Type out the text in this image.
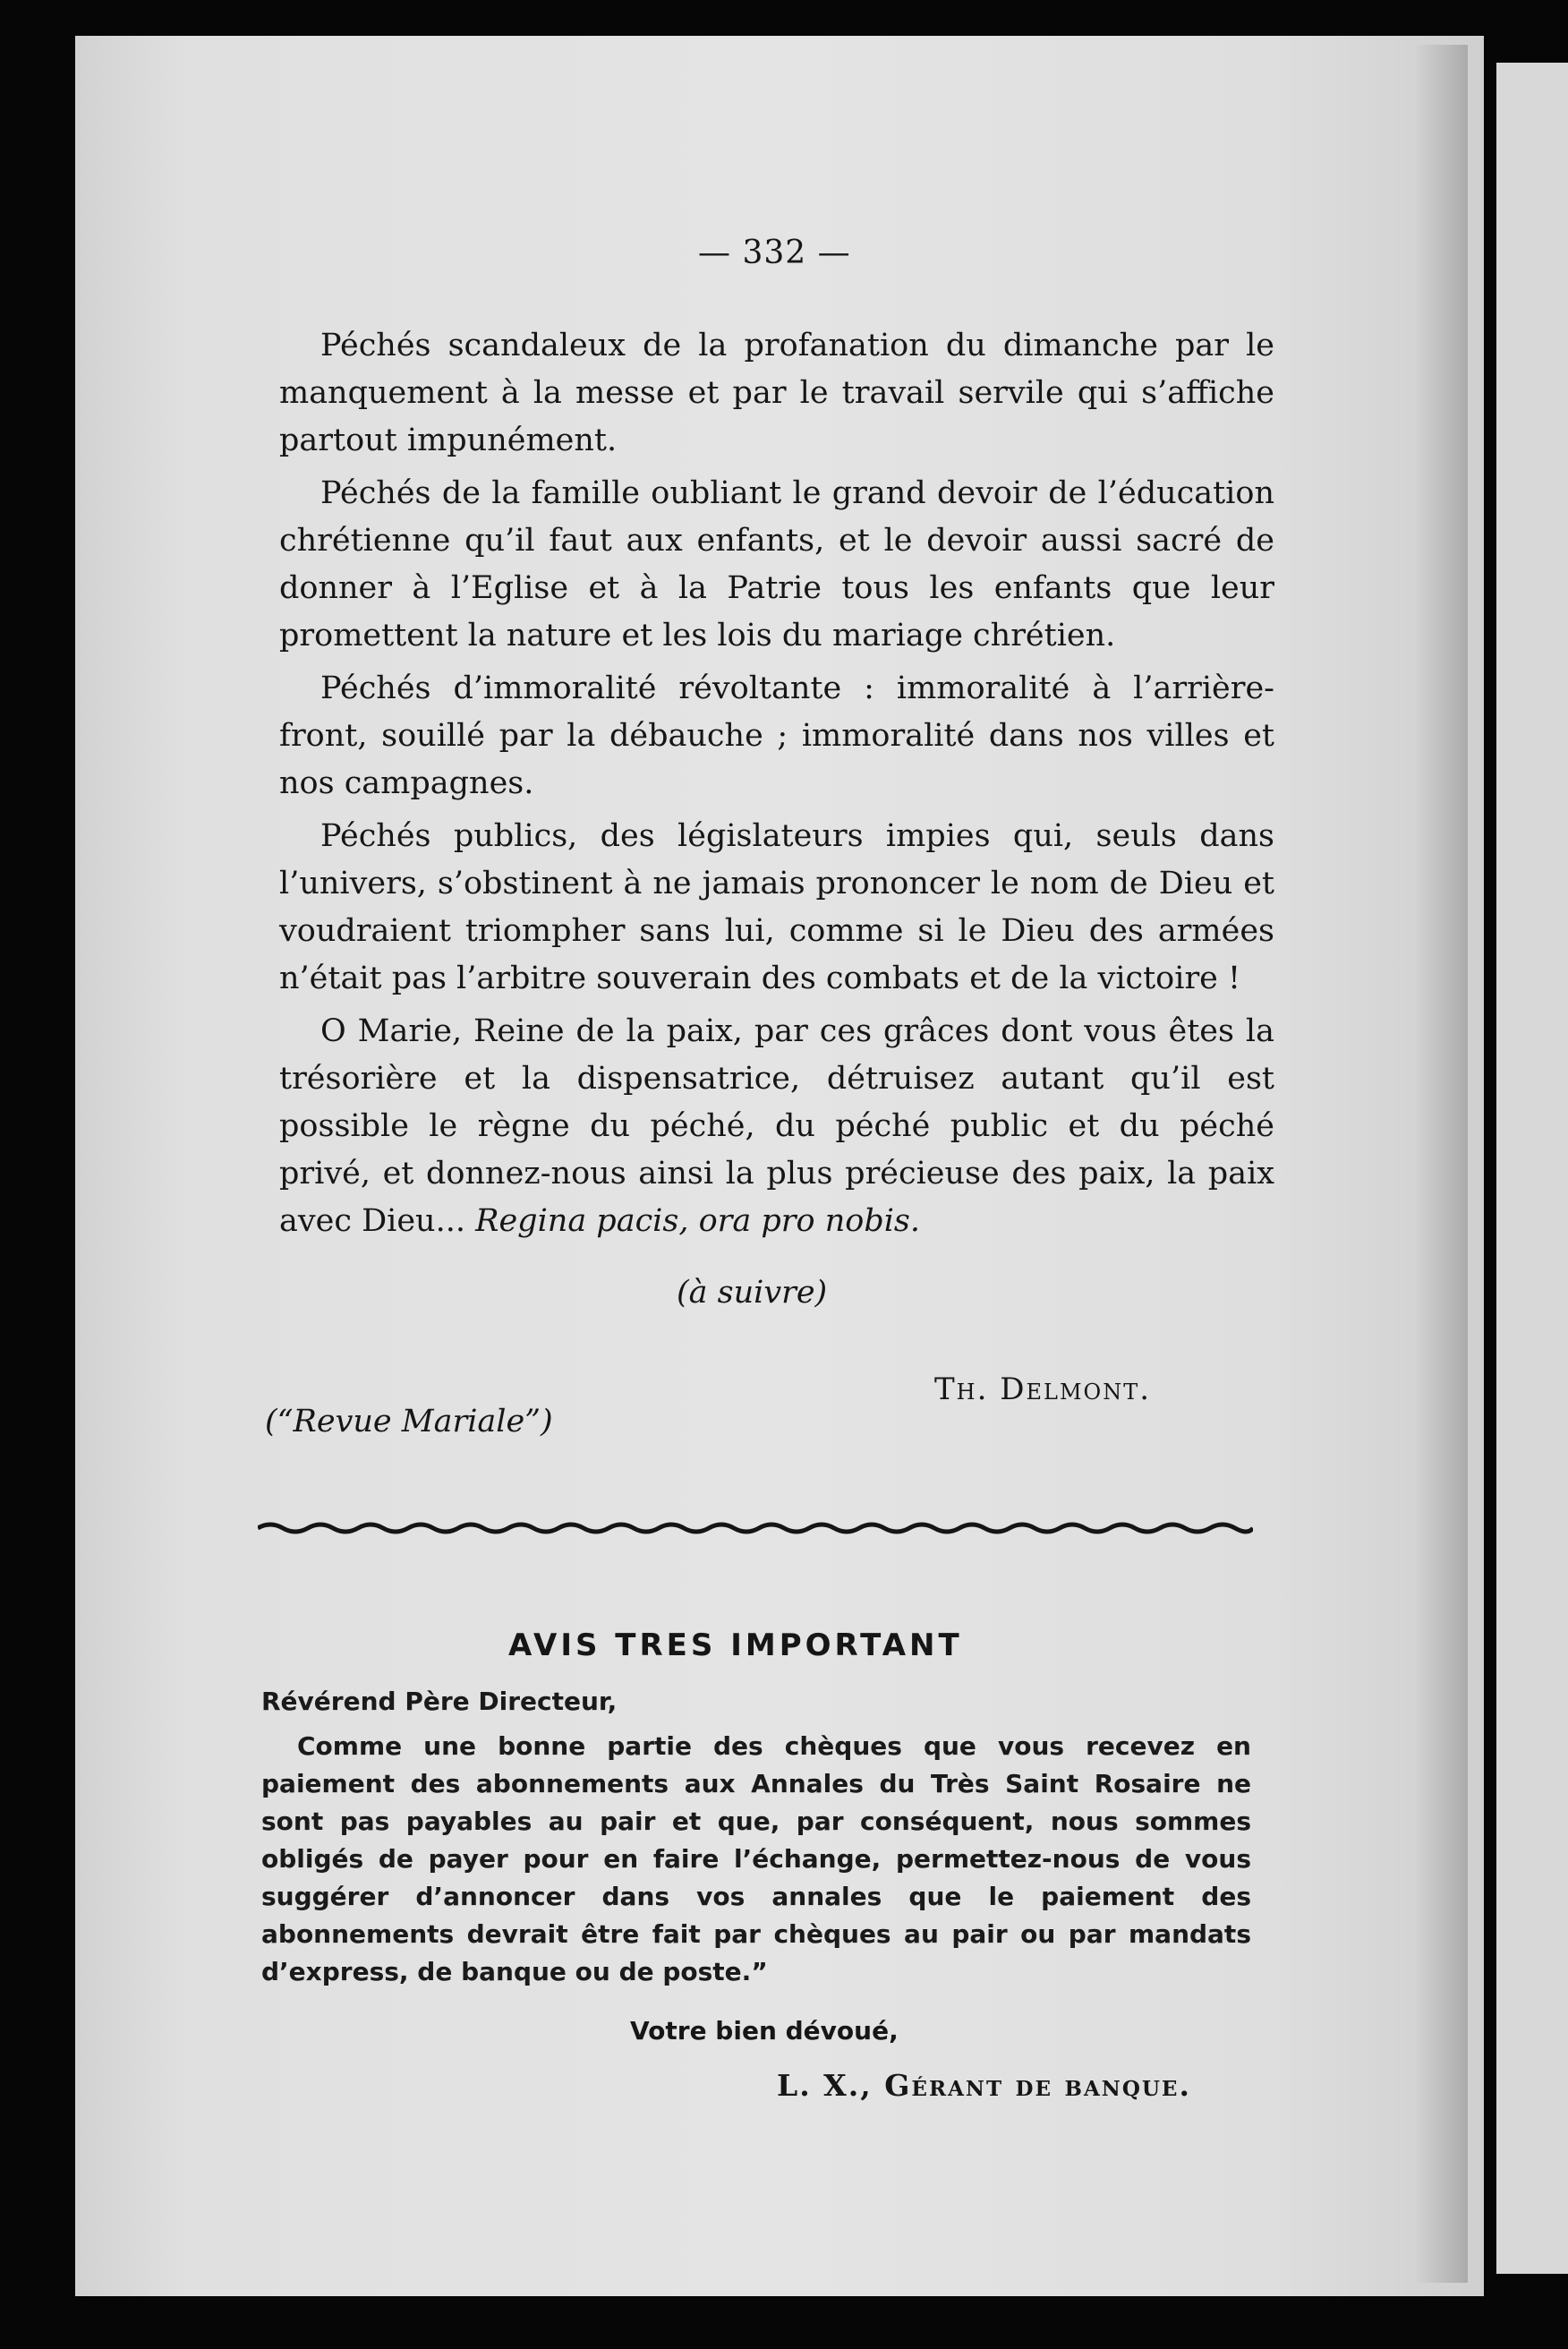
— 332 —

Péchés scandaleux de la profanation du dimanche par le manquement à la messe et par le travail servile qui s’affiche partout impunément.

Péchés de la famille oubliant le grand devoir de l’éducation chrétienne qu’il faut aux enfants, et le devoir aussi sacré de donner à l’Eglise et à la Patrie tous les enfants que leur promettent la nature et les lois du mariage chrétien.

Péchés d’immoralité révoltante : immoralité à l’arrière-front, souillé par la débauche ; immoralité dans nos villes et nos campagnes.

Péchés publics, des législateurs impies qui, seuls dans l’univers, s’obstinent à ne jamais prononcer le nom de Dieu et voudraient triompher sans lui, comme si le Dieu des armées n’était pas l’arbitre souverain des combats et de la victoire !

O Marie, Reine de la paix, par ces grâces dont vous êtes la trésorière et la dispensatrice, détruisez autant qu’il est possible le règne du péché, du péché public et du péché privé, et donnez-nous ainsi la plus précieuse des paix, la paix avec Dieu... Regina pacis, ora pro nobis.

(à suivre)
Th. Delmont.
(“Revue Mariale”)
AVIS TRES IMPORTANT

Révérend Père Directeur,

Comme une bonne partie des chèques que vous recevez en paiement des abonnements aux Annales du Très Saint Rosaire ne sont pas payables au pair et que, par conséquent, nous sommes obligés de payer pour en faire l’échange, permettez-nous de vous suggérer d’annoncer dans vos annales que le paiement des abonnements devrait être fait par chèques au pair ou par mandats d’express, de banque ou de poste.”

Votre bien dévoué,
L. X., Gérant de banque.
